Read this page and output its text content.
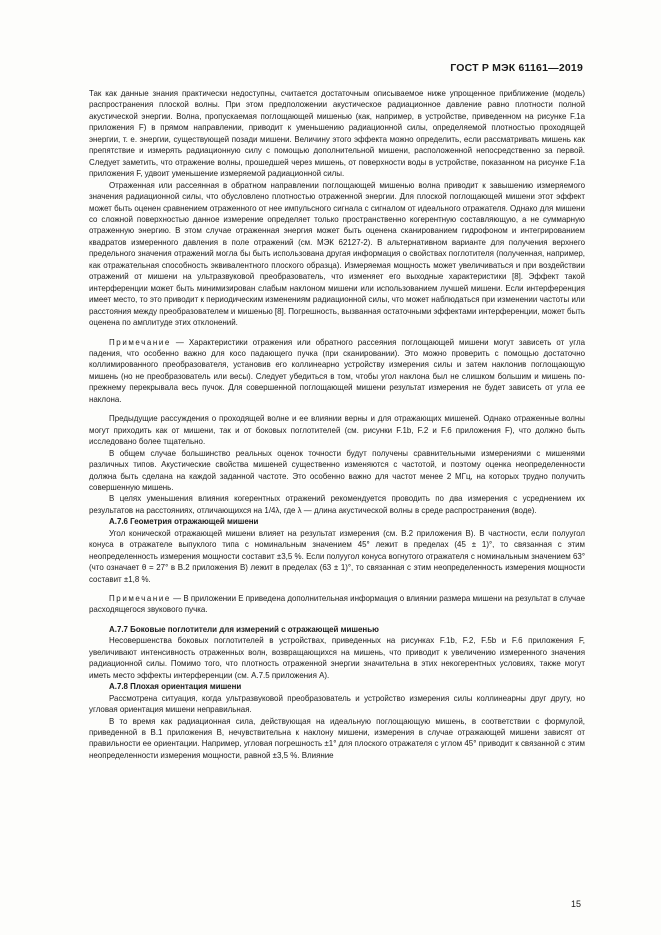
ГОСТ Р МЭК 61161—2019

Так как данные знания практически недоступны, считается достаточным описываемое ниже упрощенное приближение (модель) распространения плоской волны. При этом предположении акустическое радиационное давление равно плотности полной акустической энергии. Волна, пропускаемая поглощающей мишенью (как, например, в устройстве, приведенном на рисунке F.1а приложения F) в прямом направлении, приводит к уменьшению радиационной силы, определяемой плотностью проходящей энергии, т. е. энергии, существующей позади мишени. Величину этого эффекта можно определить, если рассматривать мишень как препятствие и измерять радиационную силу с помощью дополнительной мишени, расположенной непосредственно за первой. Следует заметить, что отражение волны, прошедшей через мишень, от поверхности воды в устройстве, показанном на рисунке F.1а приложения F, удвоит уменьшение измеряемой радиационной силы.

Отраженная или рассеянная в обратном направлении поглощающей мишенью волна приводит к завышению измеряемого значения радиационной силы, что обусловлено плотностью отраженной энергии. Для плоской поглощающей мишени этот эффект может быть оценен сравнением отраженного от нее импульсного сигнала с сигналом от идеального отражателя. Однако для мишени со сложной поверхностью данное измерение определяет только пространственно когерентную составляющую, а не суммарную отраженную энергию. В этом случае отраженная энергия может быть оценена сканированием гидрофоном и интегрированием квадратов измеренного давления в поле отражений (см. МЭК 62127-2). В альтернативном варианте для получения верхнего предельного значения отражений могла бы быть использована другая информация о свойствах поглотителя (полученная, например, как отражательная способность эквивалентного плоского образца). Измеряемая мощность может увеличиваться и при воздействии отражений от мишени на ультразвуковой преобразователь, что изменяет его выходные характеристики [8]. Эффект такой интерференции может быть минимизирован слабым наклоном мишени или использованием лучшей мишени. Если интерференция имеет место, то это приводит к периодическим изменениям радиационной силы, что может наблюдаться при изменении частоты или расстояния между преобразователем и мишенью [8]. Погрешность, вызванная остаточными эффектами интерференции, может быть оценена по амплитуде этих отклонений.

Примечание — Характеристики отражения или обратного рассеяния поглощающей мишени могут зависеть от угла падения, что особенно важно для косо падающего пучка (при сканировании). Это можно проверить с помощью достаточно коллимированного преобразователя, установив его коллинеарно устройству измерения силы и затем наклонив поглощающую мишень (но не преобразователь или весы). Следует убедиться в том, чтобы угол наклона был не слишком большим и мишень по-прежнему перекрывала весь пучок. Для совершенной поглощающей мишени результат измерения не будет зависеть от угла ее наклона.

Предыдущие рассуждения о проходящей волне и ее влиянии верны и для отражающих мишеней. Однако отраженные волны могут приходить как от мишени, так и от боковых поглотителей (см. рисунки F.1b, F.2 и F.6 приложения F), что должно быть исследовано более тщательно.

В общем случае большинство реальных оценок точности будут получены сравнительными измерениями с мишенями различных типов. Акустические свойства мишеней существенно изменяются с частотой, и поэтому оценка неопределенности должна быть сделана на каждой заданной частоте. Это особенно важно для частот менее 2 МГц, на которых трудно получить совершенную мишень.

В целях уменьшения влияния когерентных отражений рекомендуется проводить по два измерения с усреднением их результатов на расстояниях, отличающихся на 1/4λ, где λ — длина акустической волны в среде распространения (воде).

А.7.6 Геометрия отражающей мишени

Угол конической отражающей мишени влияет на результат измерения (см. В.2 приложения В). В частности, если полуугол конуса в отражателе выпуклого типа с номинальным значением 45° лежит в пределах (45 ± 1)°, то связанная с этим неопределенность измерения мощности составит ±3,5 %. Если полуугол конуса вогнутого отражателя с номинальным значением 63° (что означает θ = 27° в В.2 приложения В) лежит в пределах (63 ± 1)°, то связанная с этим неопределенность измерения мощности составит ±1,8 %.

Примечание — В приложении Е приведена дополнительная информация о влиянии размера мишени на результат в случае расходящегося звукового пучка.

А.7.7 Боковые поглотители для измерений с отражающей мишенью

Несовершенства боковых поглотителей в устройствах, приведенных на рисунках F.1b, F.2, F.5b и F.6 приложения F, увеличивают интенсивность отраженных волн, возвращающихся на мишень, что приводит к увеличению измеренного значения радиационной силы. Помимо того, что плотность отраженной энергии значительна в этих некогерентных условиях, также могут иметь место эффекты интерференции (см. А.7.5 приложения А).

А.7.8 Плохая ориентация мишени

Рассмотрена ситуация, когда ультразвуковой преобразователь и устройство измерения силы коллинеарны друг другу, но угловая ориентация мишени неправильная.

В то время как радиационная сила, действующая на идеальную поглощающую мишень, в соответствии с формулой, приведенной в В.1 приложения В, нечувствительна к наклону мишени, измерения в случае отражающей мишени зависят от правильности ее ориентации. Например, угловая погрешность ±1° для плоского отражателя с углом 45° приводит к связанной с этим неопределенности измерения мощности, равной ±3,5 %. Влияние

15
